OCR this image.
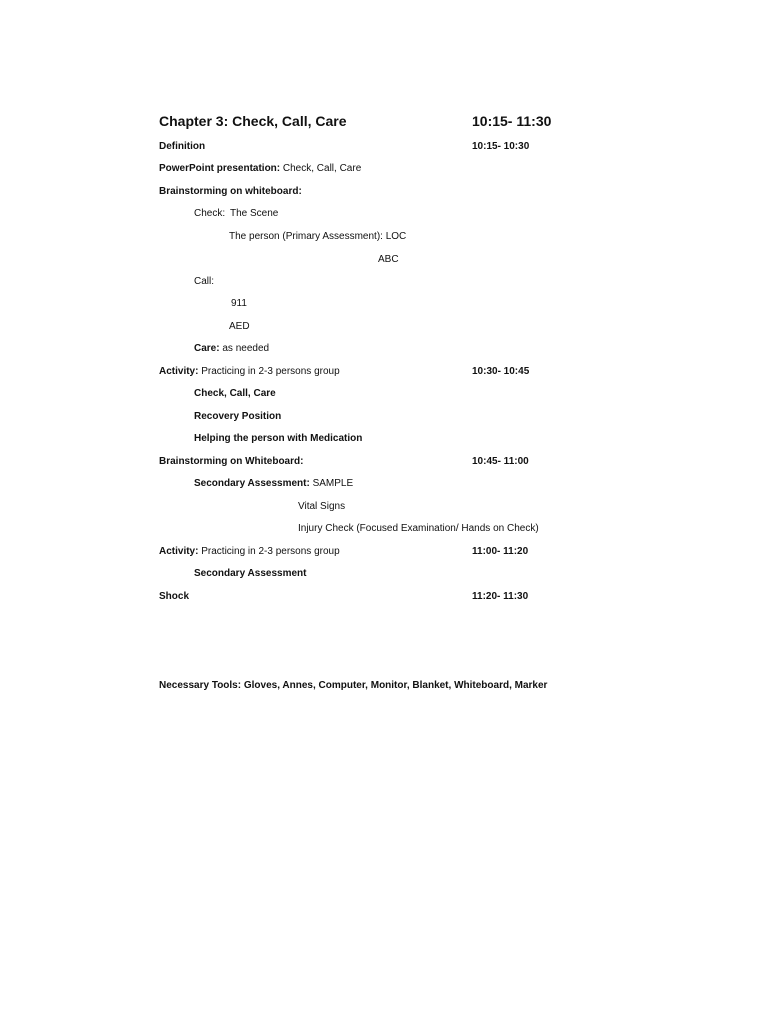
Chapter 3: Check, Call, Care	10:15- 11:30
Definition	10:15- 10:30
PowerPoint presentation: Check, Call, Care
Brainstorming on whiteboard:
Check: The Scene
The person (Primary Assessment): LOC
ABC
Call:
911
AED
Care: as needed
Activity: Practicing in 2-3 persons group	10:30- 10:45
Check, Call, Care
Recovery Position
Helping the person with Medication
Brainstorming on Whiteboard:	10:45- 11:00
Secondary Assessment: SAMPLE
Vital Signs
Injury Check (Focused Examination/ Hands on Check)
Activity: Practicing in 2-3 persons group	11:00- 11:20
Secondary Assessment
Shock	11:20- 11:30
Necessary Tools: Gloves, Annes, Computer, Monitor, Blanket, Whiteboard, Marker
